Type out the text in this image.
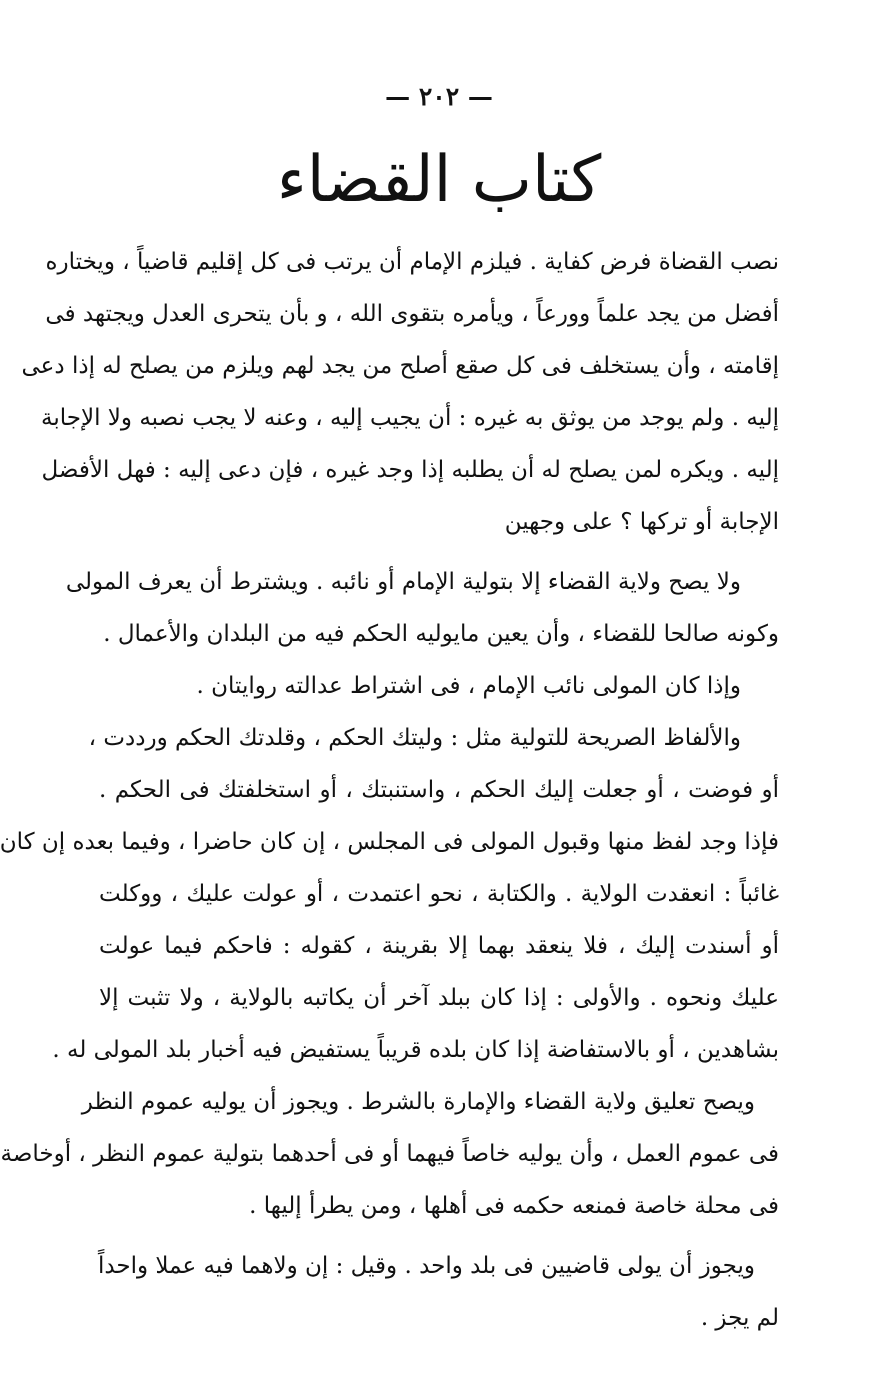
— ٢٠٢ —
كتاب القضاء
نصب القضاة فرض كفاية . فيلزم الإمام أن يرتب فى كل إقليم قاضياً ، ويختاره
أفضل من يجد علماً وورعاً ، ويأمره بتقوى الله ، و بأن يتحرى العدل ويجتهد فى
إقامته ، وأن يستخلف فى كل صقع أصلح من يجد لهم ويلزم من يصلح له إذا دعى
إليه . ولم يوجد من يوثق به غيره : أن يجيب إليه ، وعنه لا يجب نصبه ولا الإجابة
إليه . ويكره لمن يصلح له أن يطلبه إذا وجد غيره ، فإن دعى إليه : فهل الأفضل
الإجابة أو تركها ؟ على وجهين
ولا يصح ولاية القضاء إلا بتولية الإمام أو نائبه . ويشترط أن يعرف المولى
وكونه صالحا للقضاء ، وأن يعين مايوليه الحكم فيه من البلدان والأعمال .
وإذا كان المولى نائب الإمام ، فى اشتراط عدالته روايتان .
والألفاظ الصريحة للتولية مثل : وليتك الحكم ، وقلدتك الحكم ورددت ،
أو فوضت ، أو جعلت إليك الحكم ، واستنبتك ، أو استخلفتك فى الحكم .
فإذا وجد لفظ منها وقبول المولى فى المجلس ، إن كان حاضرا ، وفيما بعده إن كان
غائباً : انعقدت الولاية . والكتابة ، نحو اعتمدت ، أو عولت عليك ، ووكلت
أو أسندت إليك ، فلا ينعقد بهما إلا بقرينة ، كقوله : فاحكم فيما عولت
عليك ونحوه . والأولى : إذا كان ببلد آخر أن يكاتبه بالولاية ، ولا تثبت إلا
بشاهدين ، أو بالاستفاضة إذا كان بلده قريباً يستفيض فيه أخبار بلد المولى له .
ويصح تعليق ولاية القضاء والإمارة بالشرط . ويجوز أن يوليه عموم النظر
فى عموم العمل ، وأن يوليه خاصاً فيهما أو فى أحدهما بتولية عموم النظر ، أوخاصة
فى محلة خاصة فمنعه حكمه فى أهلها ، ومن يطرأ إليها .
ويجوز أن يولى قاضيين فى بلد واحد . وقيل : إن ولاهما فيه عملا واحداً
لم يجز .
